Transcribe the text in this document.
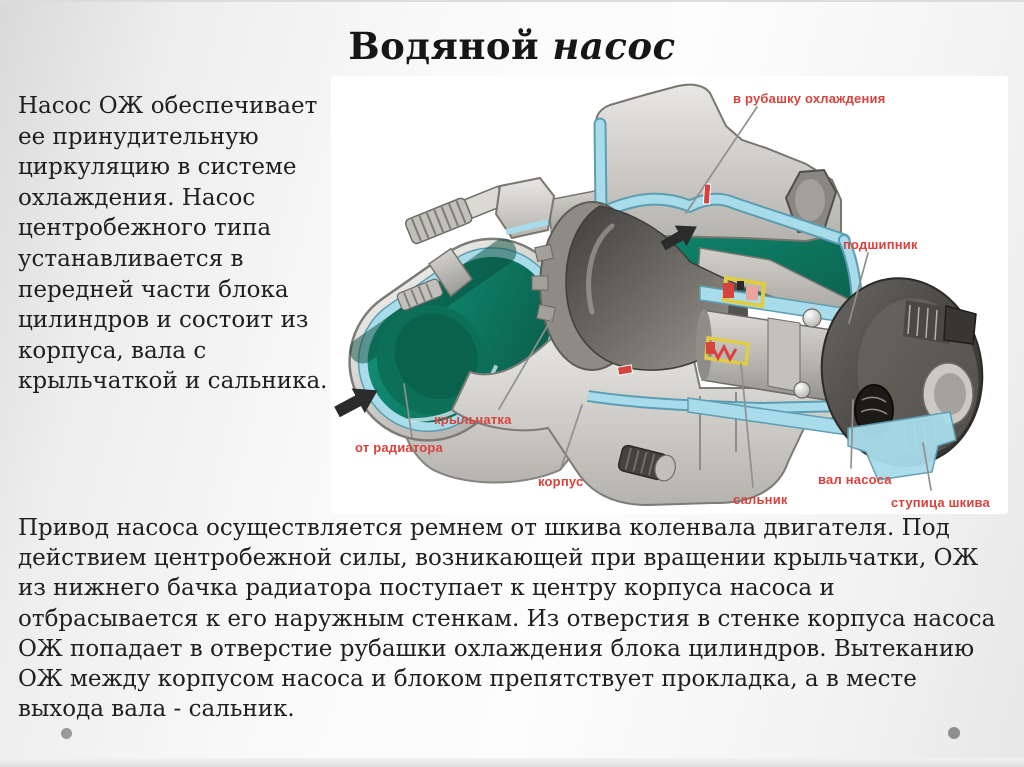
Водяной насос
Насос ОЖ обеспечивает
ее принудительную
циркуляцию в системе
охлаждения. Насос
центробежного типа
устанавливается в
передней части блока
цилиндров и состоит из
корпуса, вала с
крыльчаткой и сальника.
в рубашку охлаждения
подшипник
крыльчатка
от радиатора
корпус
сальник
вал насоса
ступица шкива
Привод насоса осуществляется ремнем от шкива коленвала двигателя. Под
действием центробежной силы, возникающей при вращении крыльчатки, ОЖ
из нижнего бачка радиатора поступает к центру корпуса насоса и
отбрасывается к его наружным стенкам. Из отверстия в стенке корпуса насоса
ОЖ попадает в отверстие рубашки охлаждения блока цилиндров. Вытеканию
ОЖ между корпусом насоса и блоком препятствует прокладка, а в месте
выхода вала - сальник.
